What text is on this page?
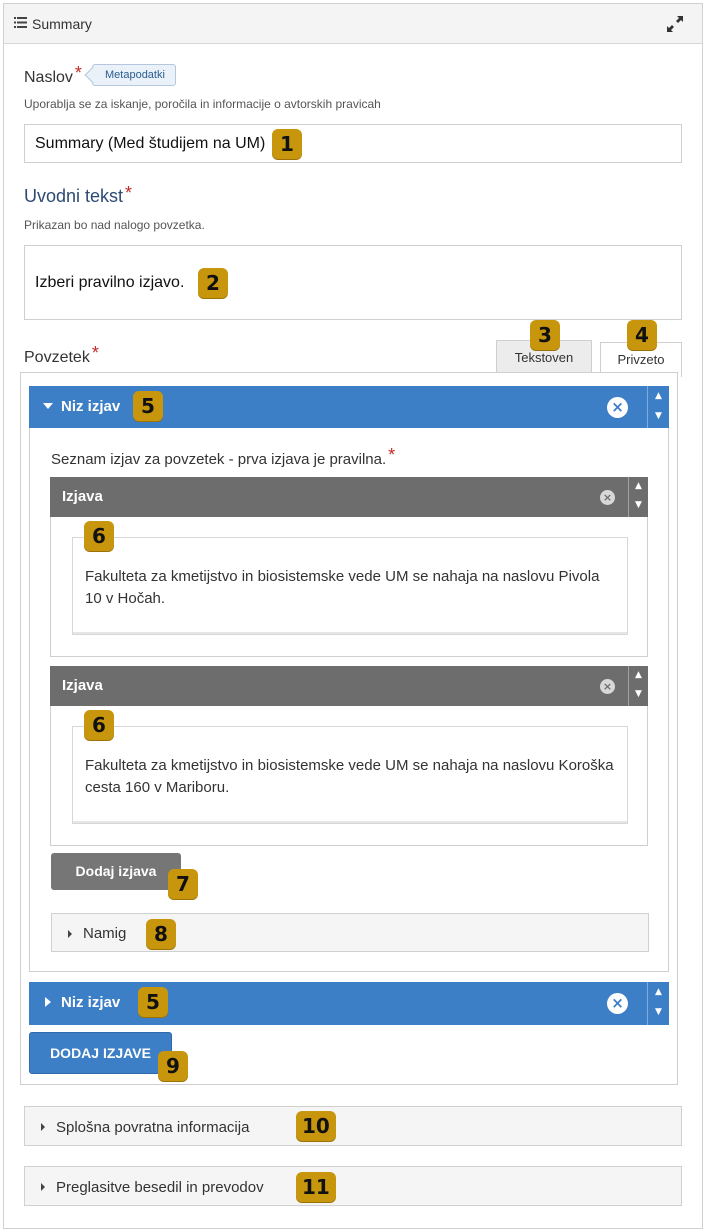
Summary
Naslov *	Metapodatki
Uporablja se za iskanje, poročila in informacije o avtorskih pravicah
Summary (Med študijem na UM) 1
Uvodni tekst *
Prikazan bo nad nalogo povzetka.
Izberi pravilno izjavo.	2
Povzetek *	Tekstoven	Privzeto
3	4
Niz izjav	×
▲
▼
5
Seznam izjav za povzetek - prva izjava je pravilna. *
Izjava	×
▲
▼
Fakulteta za kmetijstvo in biosistemske vede UM se nahaja na naslovu Pivola 10 v Hočah.
Izjava	×
▲
▼
Fakulteta za kmetijstvo in biosistemske vede UM se nahaja na naslovu Koroška cesta 160 v Mariboru.
Dodaj izjava
Namig
6
6
7
8
Niz izjav	×
▲
▼
5
DODAJ IZJAVE
9
Splošna povratna informacija	10
Preglasitve besedil in prevodov	11
